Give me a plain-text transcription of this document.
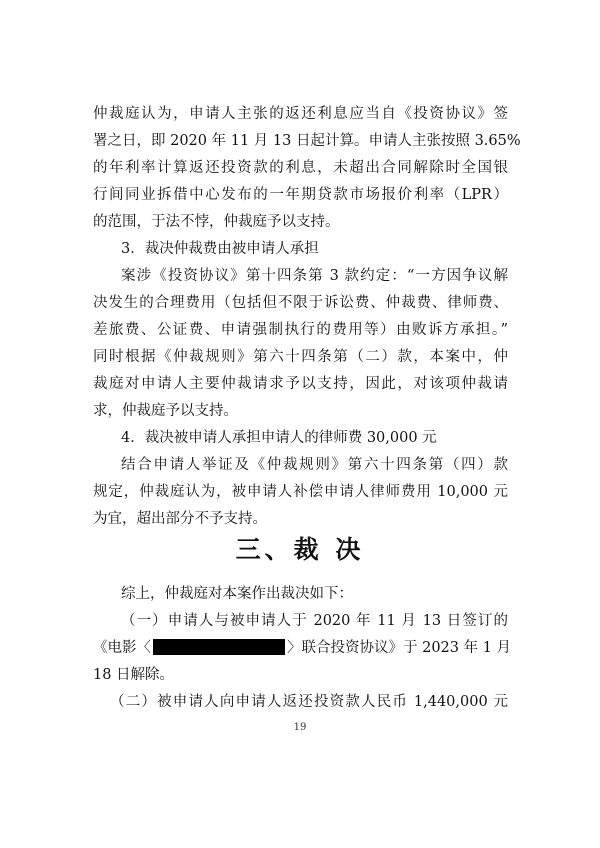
仲裁庭认为，申请人主张的返还利息应当自《投资协议》签
署之日，即 2020 年 11 月 13 日起计算。申请人主张按照 3.65%
的年利率计算返还投资款的利息，未超出合同解除时全国银
行间同业拆借中心发布的一年期贷款市场报价利率（LPR）
的范围，于法不悖，仲裁庭予以支持。
3．裁决仲裁费由被申请人承担
案涉《投资协议》第十四条第 3 款约定：“一方因争议解
决发生的合理费用（包括但不限于诉讼费、仲裁费、律师费、
差旅费、公证费、申请强制执行的费用等）由败诉方承担。”
同时根据《仲裁规则》第六十四条第（二）款，本案中，仲
裁庭对申请人主要仲裁请求予以支持，因此，对该项仲裁请
求，仲裁庭予以支持。
4．裁决被申请人承担申请人的律师费 30,000 元
结合申请人举证及《仲裁规则》第六十四条第（四）款
规定，仲裁庭认为，被申请人补偿申请人律师费用 10,000 元
为宜，超出部分不予支持。
三、裁 决
综上，仲裁庭对本案作出裁决如下：
（一）申请人与被申请人于 2020 年 11 月 13 日签订的
《电影〈	〉联合投资协议》于 2023 年 1 月
18 日解除。
（二）被申请人向申请人返还投资款人民币 1,440,000 元
19
